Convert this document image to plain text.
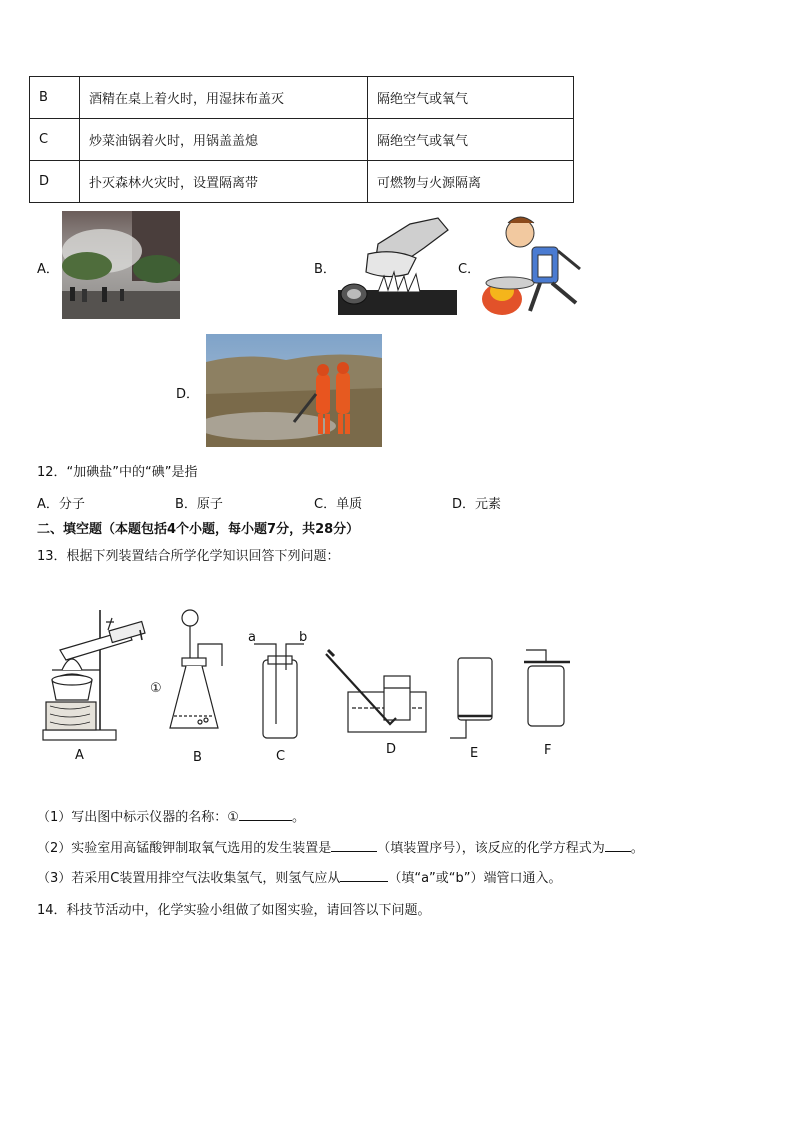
B	酒精在桌上着火时，用湿抹布盖灭	隔绝空气或氧气
C	炒菜油锅着火时，用锅盖盖熄	隔绝空气或氧气
D	扑灭森林火灾时，设置隔离带	可燃物与火源隔离
A．	B．	C．
D．
12．“加碘盐”中的“碘”是指
A．分子	B．原子	C．单质	D．元素
二、填空题（本题包括4个小题，每小题7分，共28分）
13．根据下列装置结合所学化学知识回答下列问题：
①
a	b
A	B	C	D	E	F
（1）写出图中标示仪器的名称：①	。
（2）实验室用高锰酸钾制取氧气选用的发生装置是	（填装置序号），该反应的化学方程式为 。
（3）若采用C装置用排空气法收集氢气，则氢气应从	（填“a”或“b”）端管口通入。
14．科技节活动中，化学实验小组做了如图实验，请回答以下问题。
